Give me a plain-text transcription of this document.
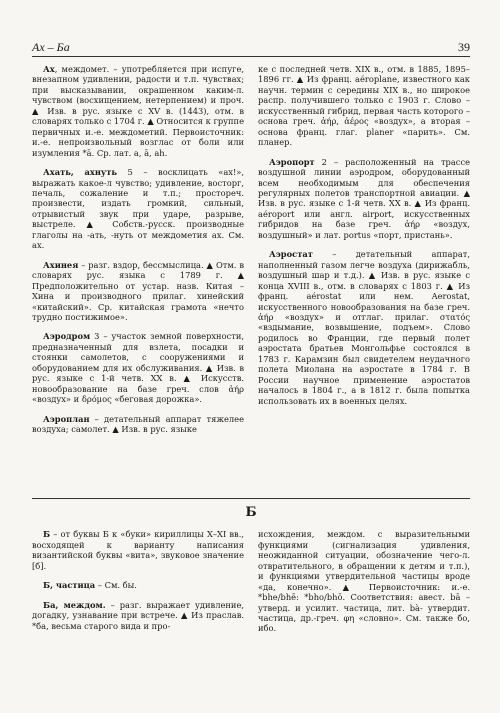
Ах – Ба	39

Ах, междомет. – употребляется при испуге, внезапном удивлении, радости и т.п. чувствах; при высказывании, окрашенном каким-л. чувством (восхищением, нетерпением) и проч. ▲ Изв. в рус. языке с XV в. (1443), отм. в словарях только с 1704 г. ▲ Относится к группе первичных и.-е. междометий. Первоисточник: и.-е. непроизвольный возглас от боли или изумления *ā. Ср. лат. а, ā, ah.

Ахать, ахнуть 5 – восклицать «ах!», выражать какое-л чувство; удивление, восторг, печаль, сожаление и т.п.; просторeч. произвести, издать громкий, сильный, отрывистый звук при ударе, разрыве, выстреле. ▲ Собств.-русск. производные глаголы на -ать, -нуть от междометия ах. См. ах.

Ахинея – разг. вздор, бессмыслица. ▲ Отм. в словарях рус. языка с 1789 г. ▲ Предположительно от устар. назв. Китая – Хина и производного прилаг. хинейский «китайский». Ср. китайская грамота «нечто трудно постижимое».

Аэродром 3 – участок земной поверхности, предназначенный для взлета, посадки и стоянки самолетов, с сооружениями и оборудованием для их обслуживания. ▲ Изв. в рус. языке с 1-й четв. XX в. ▲ Искусств. новообразование на базе греч. слов ἀήρ «воздух» и δρόμος «беговая дорожка».

Аэроплан – детательный аппарат тяжелее воздуха; самолет. ▲ Изв. в рус. языке

ке с последней четв. XIX в., отм. в 1885, 1895–1896 гг. ▲ Из франц. aéroplane, известного как научн. термин с середины XIX в., но широкое распр. получившего только с 1903 г. Слово – искусственный гибрид, первая часть которого – основа греч. ἀήρ, ἀέρος «воздух», а вторая – основа франц. глаг. planer «парить». См. планер.

Аэропорт 2 – расположенный на трассе воздушной линии аэродром, оборудованный всем необходимым для обеспечения регулярных полетов транспортной авиации. ▲ Изв. в рус. языке с 1-й четв. XX в. ▲ Из франц. aéroport или англ. airport, искусственных гибридов на базе греч. ἀήρ «воздух, воздушный» и лат. portus «порт, пристань».

Аэростат – детательный аппарат, наполненный газом легче воздуха (дирижабль, воздушный шар и т.д.). ▲ Изв. в рус. языке с конца XVIII в., отм. в словарях с 1803 г. ▲ Из франц. aérostat или нем. Aerostat, искусственного новообразования на базе греч. ἀήρ «воздух» и отглаг. прилаг. στατός «вздымание, возвышение, подъем». Слово родилось во Франции, где первый полет аэростата братьев Монгольфье состоялся в 1783 г. Карамзин был свидетелем неудачного полета Миолана на аэростате в 1784 г. В России научное применение аэростатов началось в 1804 г., а в 1812 г. была попытка использовать их в военных целях.

Б

Б – от буквы Б к «буки» кириллицы X–XI вв., восходящей к варианту написания византийской буквы «вита», звуковое значение [б].

Б, частица – См. бы.

Ба, междом. – разг. выражает удивление, догадку, узнавание при встрече. ▲ Из праслав. *ба, весьма старого вида и про-

исхождения, междом. с выразительными функциями (сигнализация удивления, неожиданной ситуации, обозначение чего-л. отвратительного, в обращении к детям и т.п.), и функциями утвердительной частицы вроде «да, конечно». ▲ Первоисточник: и.-е. *bhe/bhē: *bho/bhō. Соответствия: авест. bā – утверд. и усилит. частица, лит. bà- утвердит. частица, др.-греч. φη «словно». См. также бо, ибо.
